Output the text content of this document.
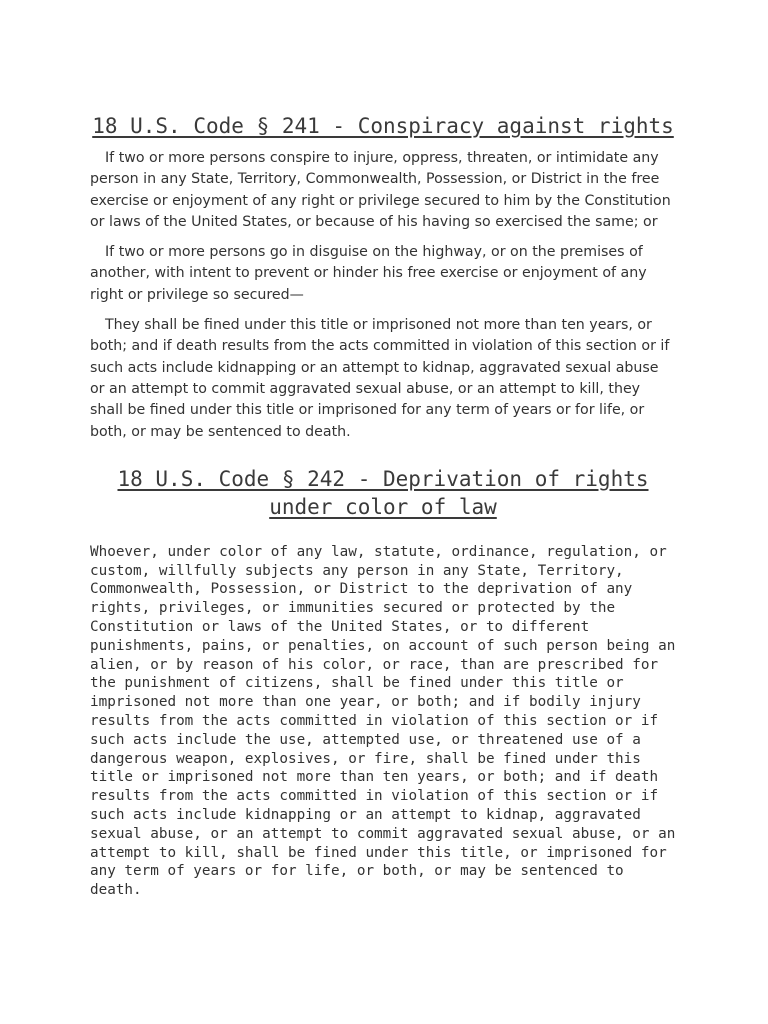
18 U.S. Code § 241 - Conspiracy against rights

If two or more persons conspire to injure, oppress, threaten, or intimidate any person in any State, Territory, Commonwealth, Possession, or District in the free exercise or enjoyment of any right or privilege secured to him by the Constitution or laws of the United States, or because of his having so exercised the same; or

If two or more persons go in disguise on the highway, or on the premises of another, with intent to prevent or hinder his free exercise or enjoyment of any right or privilege so secured—

They shall be fined under this title or imprisoned not more than ten years, or both; and if death results from the acts committed in violation of this section or if such acts include kidnapping or an attempt to kidnap, aggravated sexual abuse or an attempt to commit aggravated sexual abuse, or an attempt to kill, they shall be fined under this title or imprisoned for any term of years or for life, or both, or may be sentenced to death.

18 U.S. Code § 242 - Deprivation of rights under color of law

Whoever, under color of any law, statute, ordinance, regulation, or custom, willfully subjects any person in any State, Territory, Commonwealth, Possession, or District to the deprivation of any rights, privileges, or immunities secured or protected by the Constitution or laws of the United States, or to different punishments, pains, or penalties, on account of such person being an alien, or by reason of his color, or race, than are prescribed for the punishment of citizens, shall be fined under this title or imprisoned not more than one year, or both; and if bodily injury results from the acts committed in violation of this section or if such acts include the use, attempted use, or threatened use of a dangerous weapon, explosives, or fire, shall be fined under this title or imprisoned not more than ten years, or both; and if death results from the acts committed in violation of this section or if such acts include kidnapping or an attempt to kidnap, aggravated sexual abuse, or an attempt to commit aggravated sexual abuse, or an attempt to kill, shall be fined under this title, or imprisoned for any term of years or for life, or both, or may be sentenced to death.
